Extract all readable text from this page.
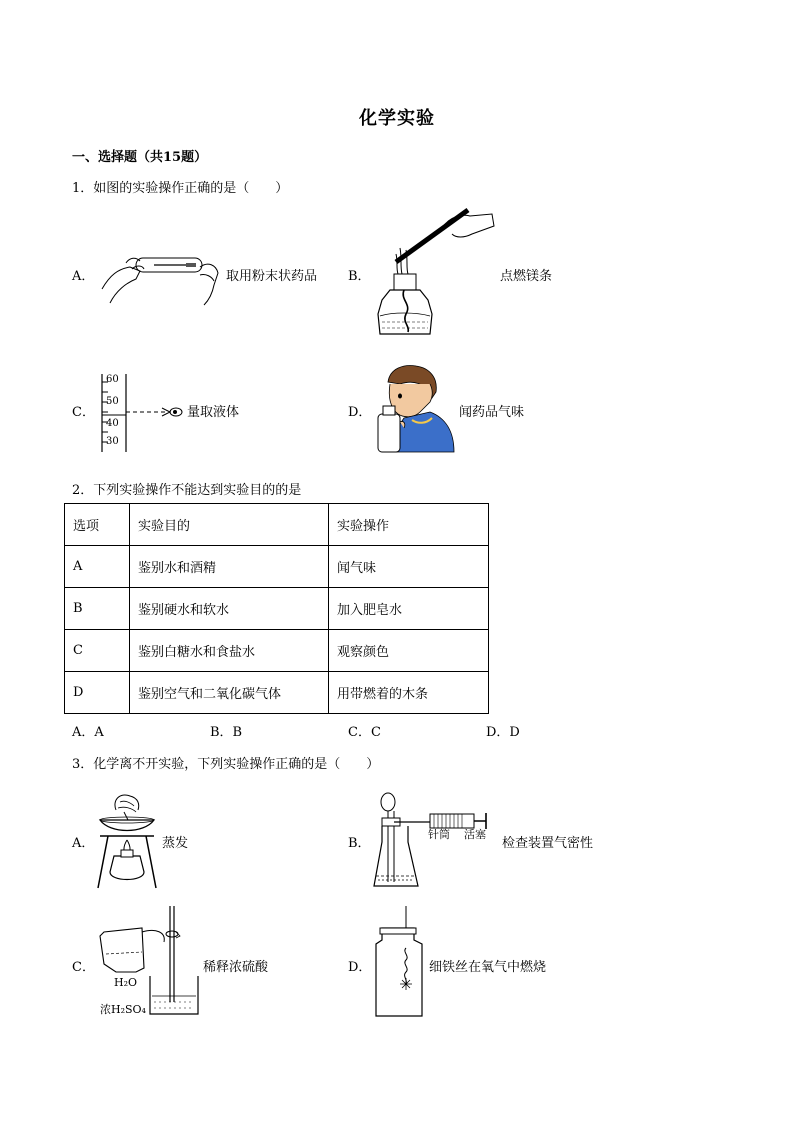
化学实验
一、选择题（共15题）
1．如图的实验操作正确的是（　　）
A．	取用粉末状药品 B．	点燃镁条
C．
60
50
40
30
量取液体	D．	闻药品气味
2．下列实验操作不能达到实验目的的是
选项	实验目的	实验操作
A	鉴别水和酒精	闻气味
B	鉴别硬水和软水	加入肥皂水
C	鉴别白糖水和食盐水	观察颜色
D	鉴别空气和二氧化碳气体	用带燃着的木条
A．A	B．B	C．C	D．D
3．化学离不开实验，下列实验操作正确的是（　　）
A．	蒸发	B．
针筒 活塞
检查装置气密性
C．
H₂O
浓H₂SO₄
稀释浓硫酸	D．	细铁丝在氧气中燃烧
